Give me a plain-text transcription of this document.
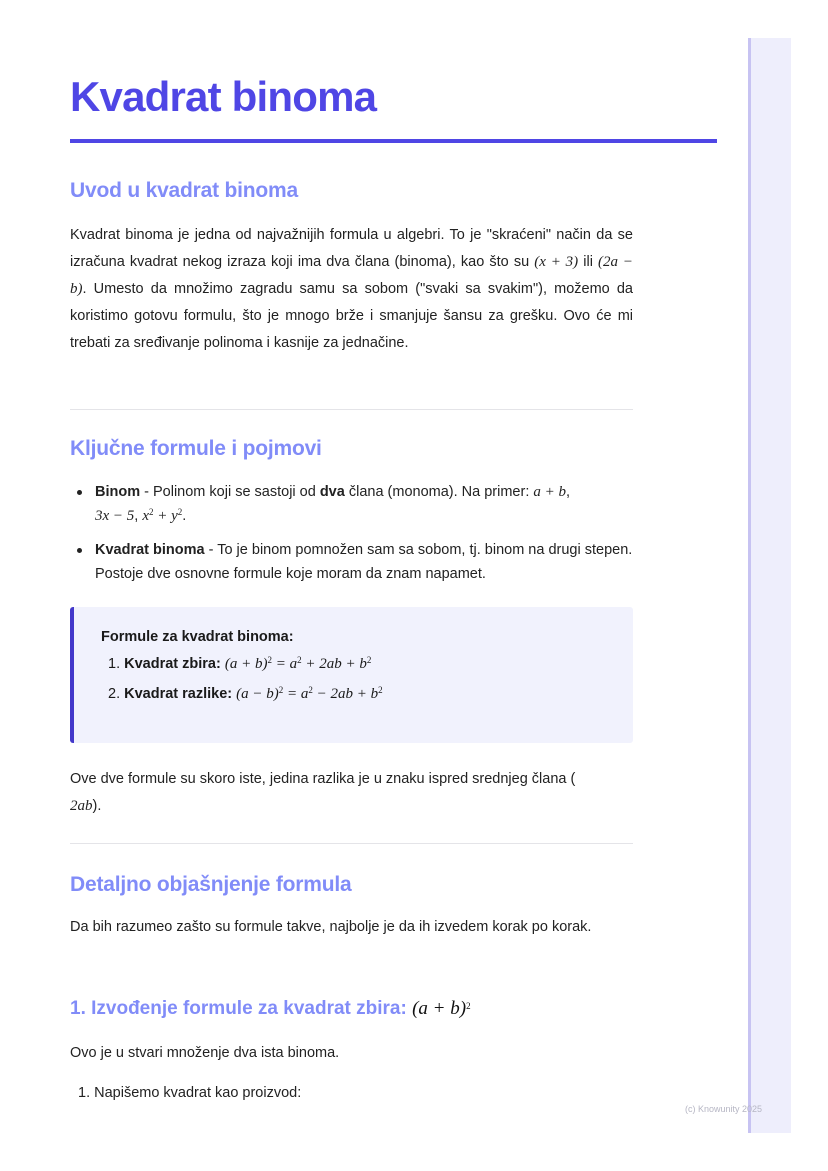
(c) Knowunity 2025
Kvadrat binoma
Uvod u kvadrat binoma

Kvadrat binoma je jedna od najvažnijih formula u algebri. To je "skraćeni" način da se izračuna kvadrat nekog izraza koji ima dva člana (binoma), kao što su (x + 3) ili (2a − b). Umesto da množimo zagradu samu sa sobom ("svaki sa svakim"), možemo da koristimo gotovu formulu, što je mnogo brže i smanjuje šansu za grešku. Ovo će mi trebati za sređivanje polinoma i kasnije za jednačine.

Ključne formule i pojmovi
Binom - Polinom koji se sastoji od dva člana (monoma). Na primer: a + b,
3x − 5, $x^2 + y^2$.
Kvadrat binoma - To je binom pomnožen sam sa sobom, tj. binom na drugi stepen. Postoje dve osnovne formule koje moram da znam napamet.
Formule za kvadrat binoma:
1. Kvadrat zbira: $(a + b)^2 = a^2 + 2ab + b^2$
2. Kvadrat razlike: $(a - b)^2 = a^2 - 2ab + b^2$

Ove dve formule su skoro iste, jedina razlika je u znaku ispred srednjeg člana (
2ab).

Detaljno objašnjenje formula

Da bih razumeo zašto su formule takve, najbolje je da ih izvedem korak po korak.

1. Izvođenje formule za kvadrat zbira: $(a + b)^2$

Ovo je u stvari množenje dva ista binoma.

1. Napišemo kvadrat kao proizvod:
